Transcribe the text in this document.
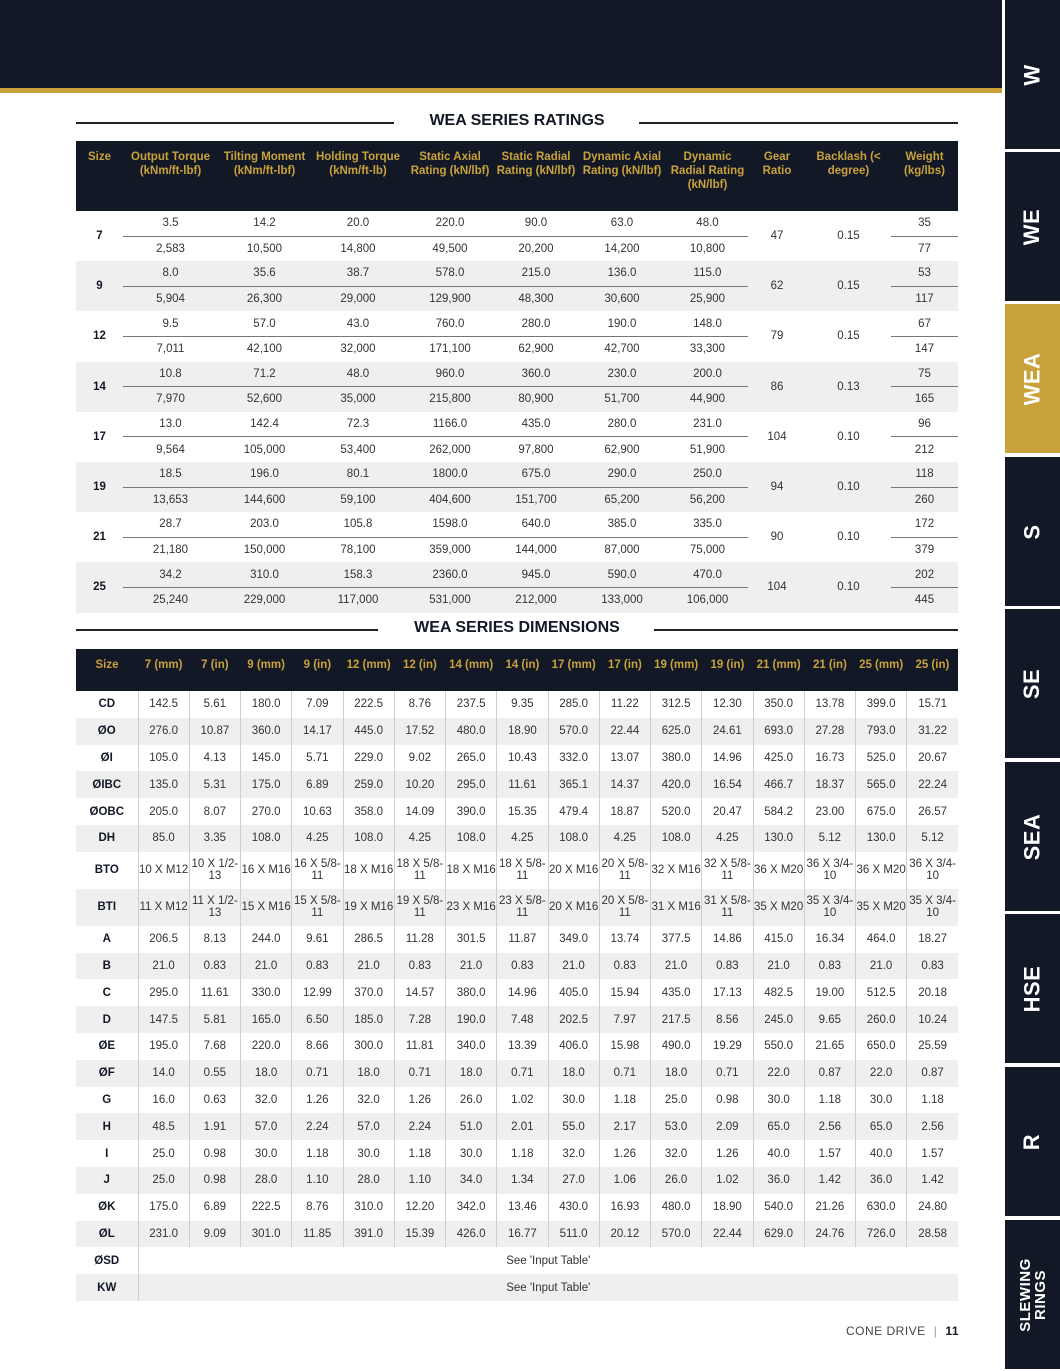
W
WE
WEA
S
SE
SEA
HSE
R
SLEWING RINGS
WEA SERIES RATINGS
Size	Output Torque (kNm/ft-lbf)	Tilting Moment (kNm/ft-lbf)	Holding Torque (kNm/ft-lb)	Static Axial Rating (kN/lbf)	Static Radial Rating (kN/lbf)	Dynamic Axial Rating (kN/lbf)	Dynamic Radial Rating (kN/lbf)	Gear Ratio	Backlash (< degree)	Weight (kg/lbs)
7	3.5	14.2	20.0	220.0	90.0	63.0	48.0	47	0.15	35
	2,583	10,500	14,800	49,500	20,200	14,200	10,800			77
9	8.0	35.6	38.7	578.0	215.0	136.0	115.0	62	0.15	53
	5,904	26,300	29,000	129,900	48,300	30,600	25,900			117
12	9.5	57.0	43.0	760.0	280.0	190.0	148.0	79	0.15	67
	7,011	42,100	32,000	171,100	62,900	42,700	33,300			147
14	10.8	71.2	48.0	960.0	360.0	230.0	200.0	86	0.13	75
	7,970	52,600	35,000	215,800	80,900	51,700	44,900			165
17	13.0	142.4	72.3	1166.0	435.0	280.0	231.0	104	0.10	96
	9,564	105,000	53,400	262,000	97,800	62,900	51,900			212
19	18.5	196.0	80.1	1800.0	675.0	290.0	250.0	94	0.10	118
	13,653	144,600	59,100	404,600	151,700	65,200	56,200			260
21	28.7	203.0	105.8	1598.0	640.0	385.0	335.0	90	0.10	172
	21,180	150,000	78,100	359,000	144,000	87,000	75,000			379
25	34.2	310.0	158.3	2360.0	945.0	590.0	470.0	104	0.10	202
	25,240	229,000	117,000	531,000	212,000	133,000	106,000			445
WEA SERIES DIMENSIONS
Size	7 (mm)	7 (in)	9 (mm)	9 (in)	12 (mm)	12 (in)	14 (mm)	14 (in)	17 (mm)	17 (in)	19 (mm)	19 (in)	21 (mm)	21 (in)	25 (mm)	25 (in)
CD	142.5	5.61	180.0	7.09	222.5	8.76	237.5	9.35	285.0	11.22	312.5	12.30	350.0	13.78	399.0	15.71
ØO	276.0	10.87	360.0	14.17	445.0	17.52	480.0	18.90	570.0	22.44	625.0	24.61	693.0	27.28	793.0	31.22
ØI	105.0	4.13	145.0	5.71	229.0	9.02	265.0	10.43	332.0	13.07	380.0	14.96	425.0	16.73	525.0	20.67
ØIBC	135.0	5.31	175.0	6.89	259.0	10.20	295.0	11.61	365.1	14.37	420.0	16.54	466.7	18.37	565.0	22.24
ØOBC	205.0	8.07	270.0	10.63	358.0	14.09	390.0	15.35	479.4	18.87	520.0	20.47	584.2	23.00	675.0	26.57
DH	85.0	3.35	108.0	4.25	108.0	4.25	108.0	4.25	108.0	4.25	108.0	4.25	130.0	5.12	130.0	5.12
BTO	10 X M12	10 X 1/2-13	16 X M16	16 X 5/8-11	18 X M16	18 X 5/8-11	18 X M16	18 X 5/8-11	20 X M16	20 X 5/8-11	32 X M16	32 X 5/8-11	36 X M20	36 X 3/4-10	36 X M20	36 X 3/4-10
BTI	11 X M12	11 X 1/2-13	15 X M16	15 X 5/8-11	19 X M16	19 X 5/8-11	23 X M16	23 X 5/8-11	20 X M16	20 X 5/8-11	31 X M16	31 X 5/8-11	35 X M20	35 X 3/4-10	35 X M20	35 X 3/4-10
A	206.5	8.13	244.0	9.61	286.5	11.28	301.5	11.87	349.0	13.74	377.5	14.86	415.0	16.34	464.0	18.27
B	21.0	0.83	21.0	0.83	21.0	0.83	21.0	0.83	21.0	0.83	21.0	0.83	21.0	0.83	21.0	0.83
C	295.0	11.61	330.0	12.99	370.0	14.57	380.0	14.96	405.0	15.94	435.0	17.13	482.5	19.00	512.5	20.18
D	147.5	5.81	165.0	6.50	185.0	7.28	190.0	7.48	202.5	7.97	217.5	8.56	245.0	9.65	260.0	10.24
ØE	195.0	7.68	220.0	8.66	300.0	11.81	340.0	13.39	406.0	15.98	490.0	19.29	550.0	21.65	650.0	25.59
ØF	14.0	0.55	18.0	0.71	18.0	0.71	18.0	0.71	18.0	0.71	18.0	0.71	22.0	0.87	22.0	0.87
G	16.0	0.63	32.0	1.26	32.0	1.26	26.0	1.02	30.0	1.18	25.0	0.98	30.0	1.18	30.0	1.18
H	48.5	1.91	57.0	2.24	57.0	2.24	51.0	2.01	55.0	2.17	53.0	2.09	65.0	2.56	65.0	2.56
I	25.0	0.98	30.0	1.18	30.0	1.18	30.0	1.18	32.0	1.26	32.0	1.26	40.0	1.57	40.0	1.57
J	25.0	0.98	28.0	1.10	28.0	1.10	34.0	1.34	27.0	1.06	26.0	1.02	36.0	1.42	36.0	1.42
ØK	175.0	6.89	222.5	8.76	310.0	12.20	342.0	13.46	430.0	16.93	480.0	18.90	540.0	21.26	630.0	24.80
ØL	231.0	9.09	301.0	11.85	391.0	15.39	426.0	16.77	511.0	20.12	570.0	22.44	629.0	24.76	726.0	28.58
ØSD	See 'Input Table'															
KW	See 'Input Table'															
CONE DRIVE | 11
